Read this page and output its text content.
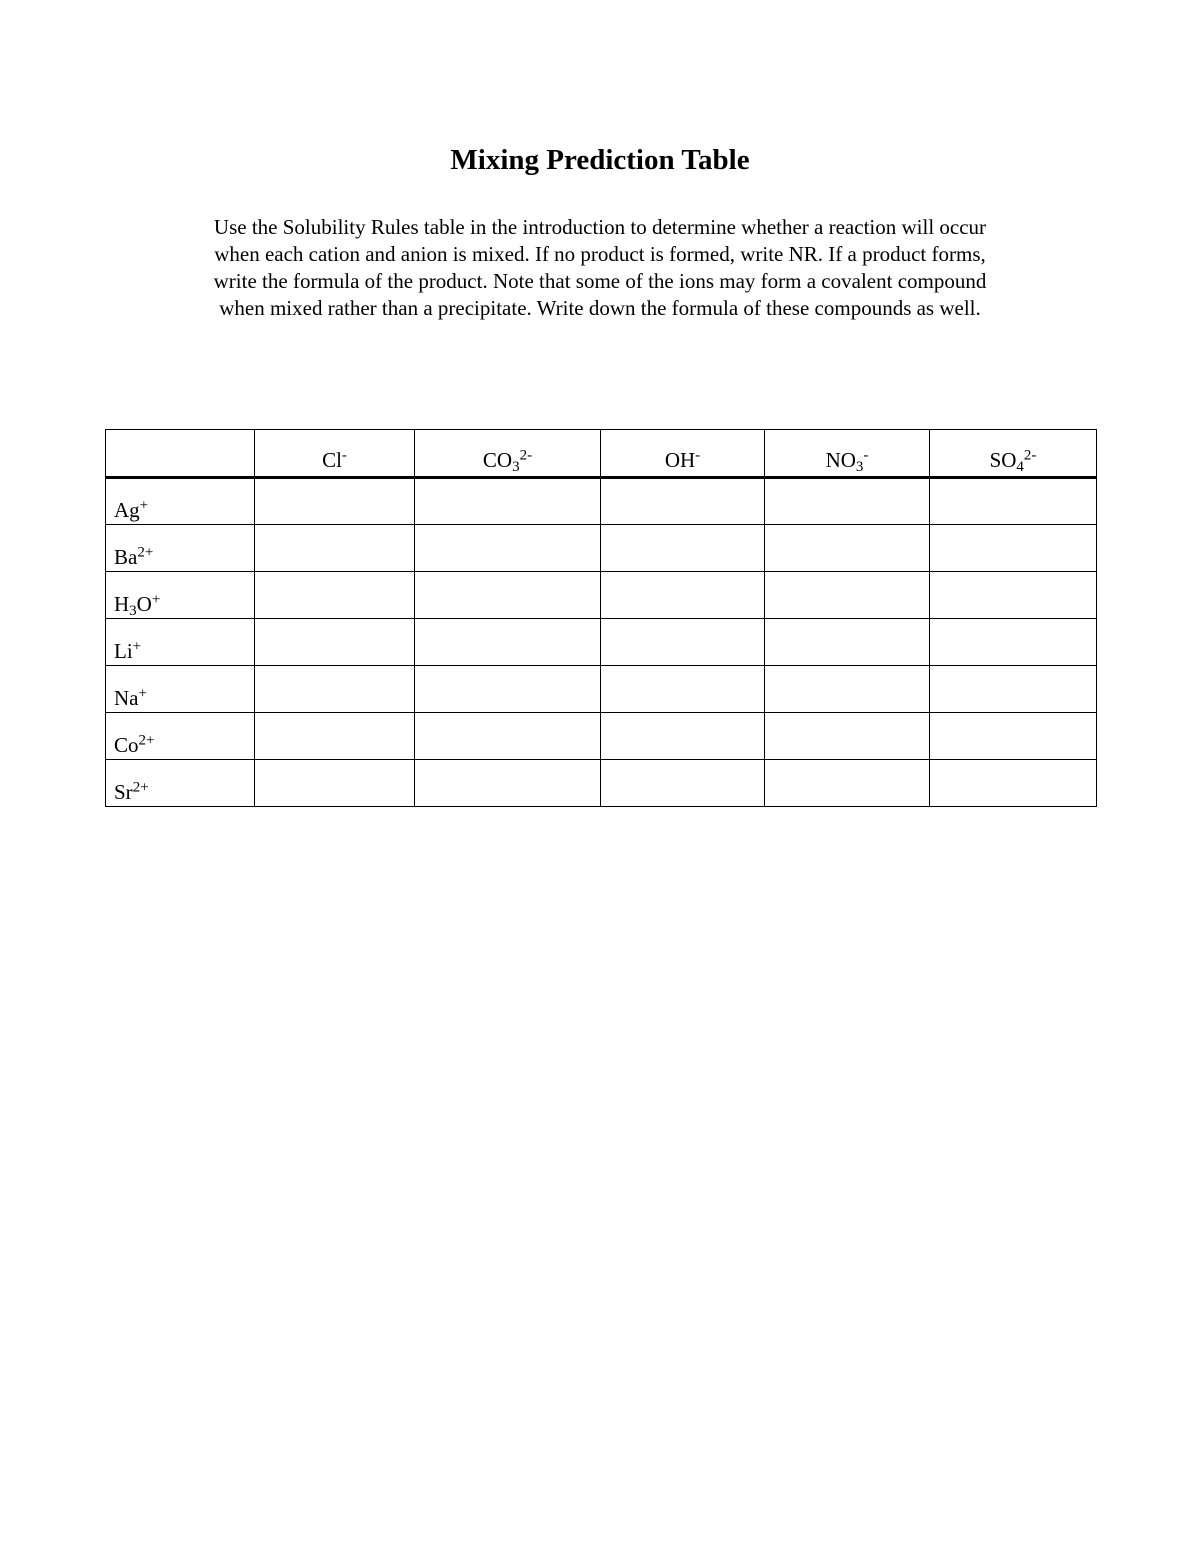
Mixing Prediction Table
Use the Solubility Rules table in the introduction to determine whether a reaction will occur
when each cation and anion is mixed. If no product is formed, write NR. If a product forms,
write the formula of the product. Note that some of the ions may form a covalent compound
when mixed rather than a precipitate. Write down the formula of these compounds as well.
	Cl-	$CO_3^{2-}$	OH-	$NO_3^-$	$SO_4^{2-}$
Ag+					
$Ba^{2+}$					
$H_3O^+$					
Li+					
Na+					
$Co^{2+}$					
$Sr^{2+}$					
